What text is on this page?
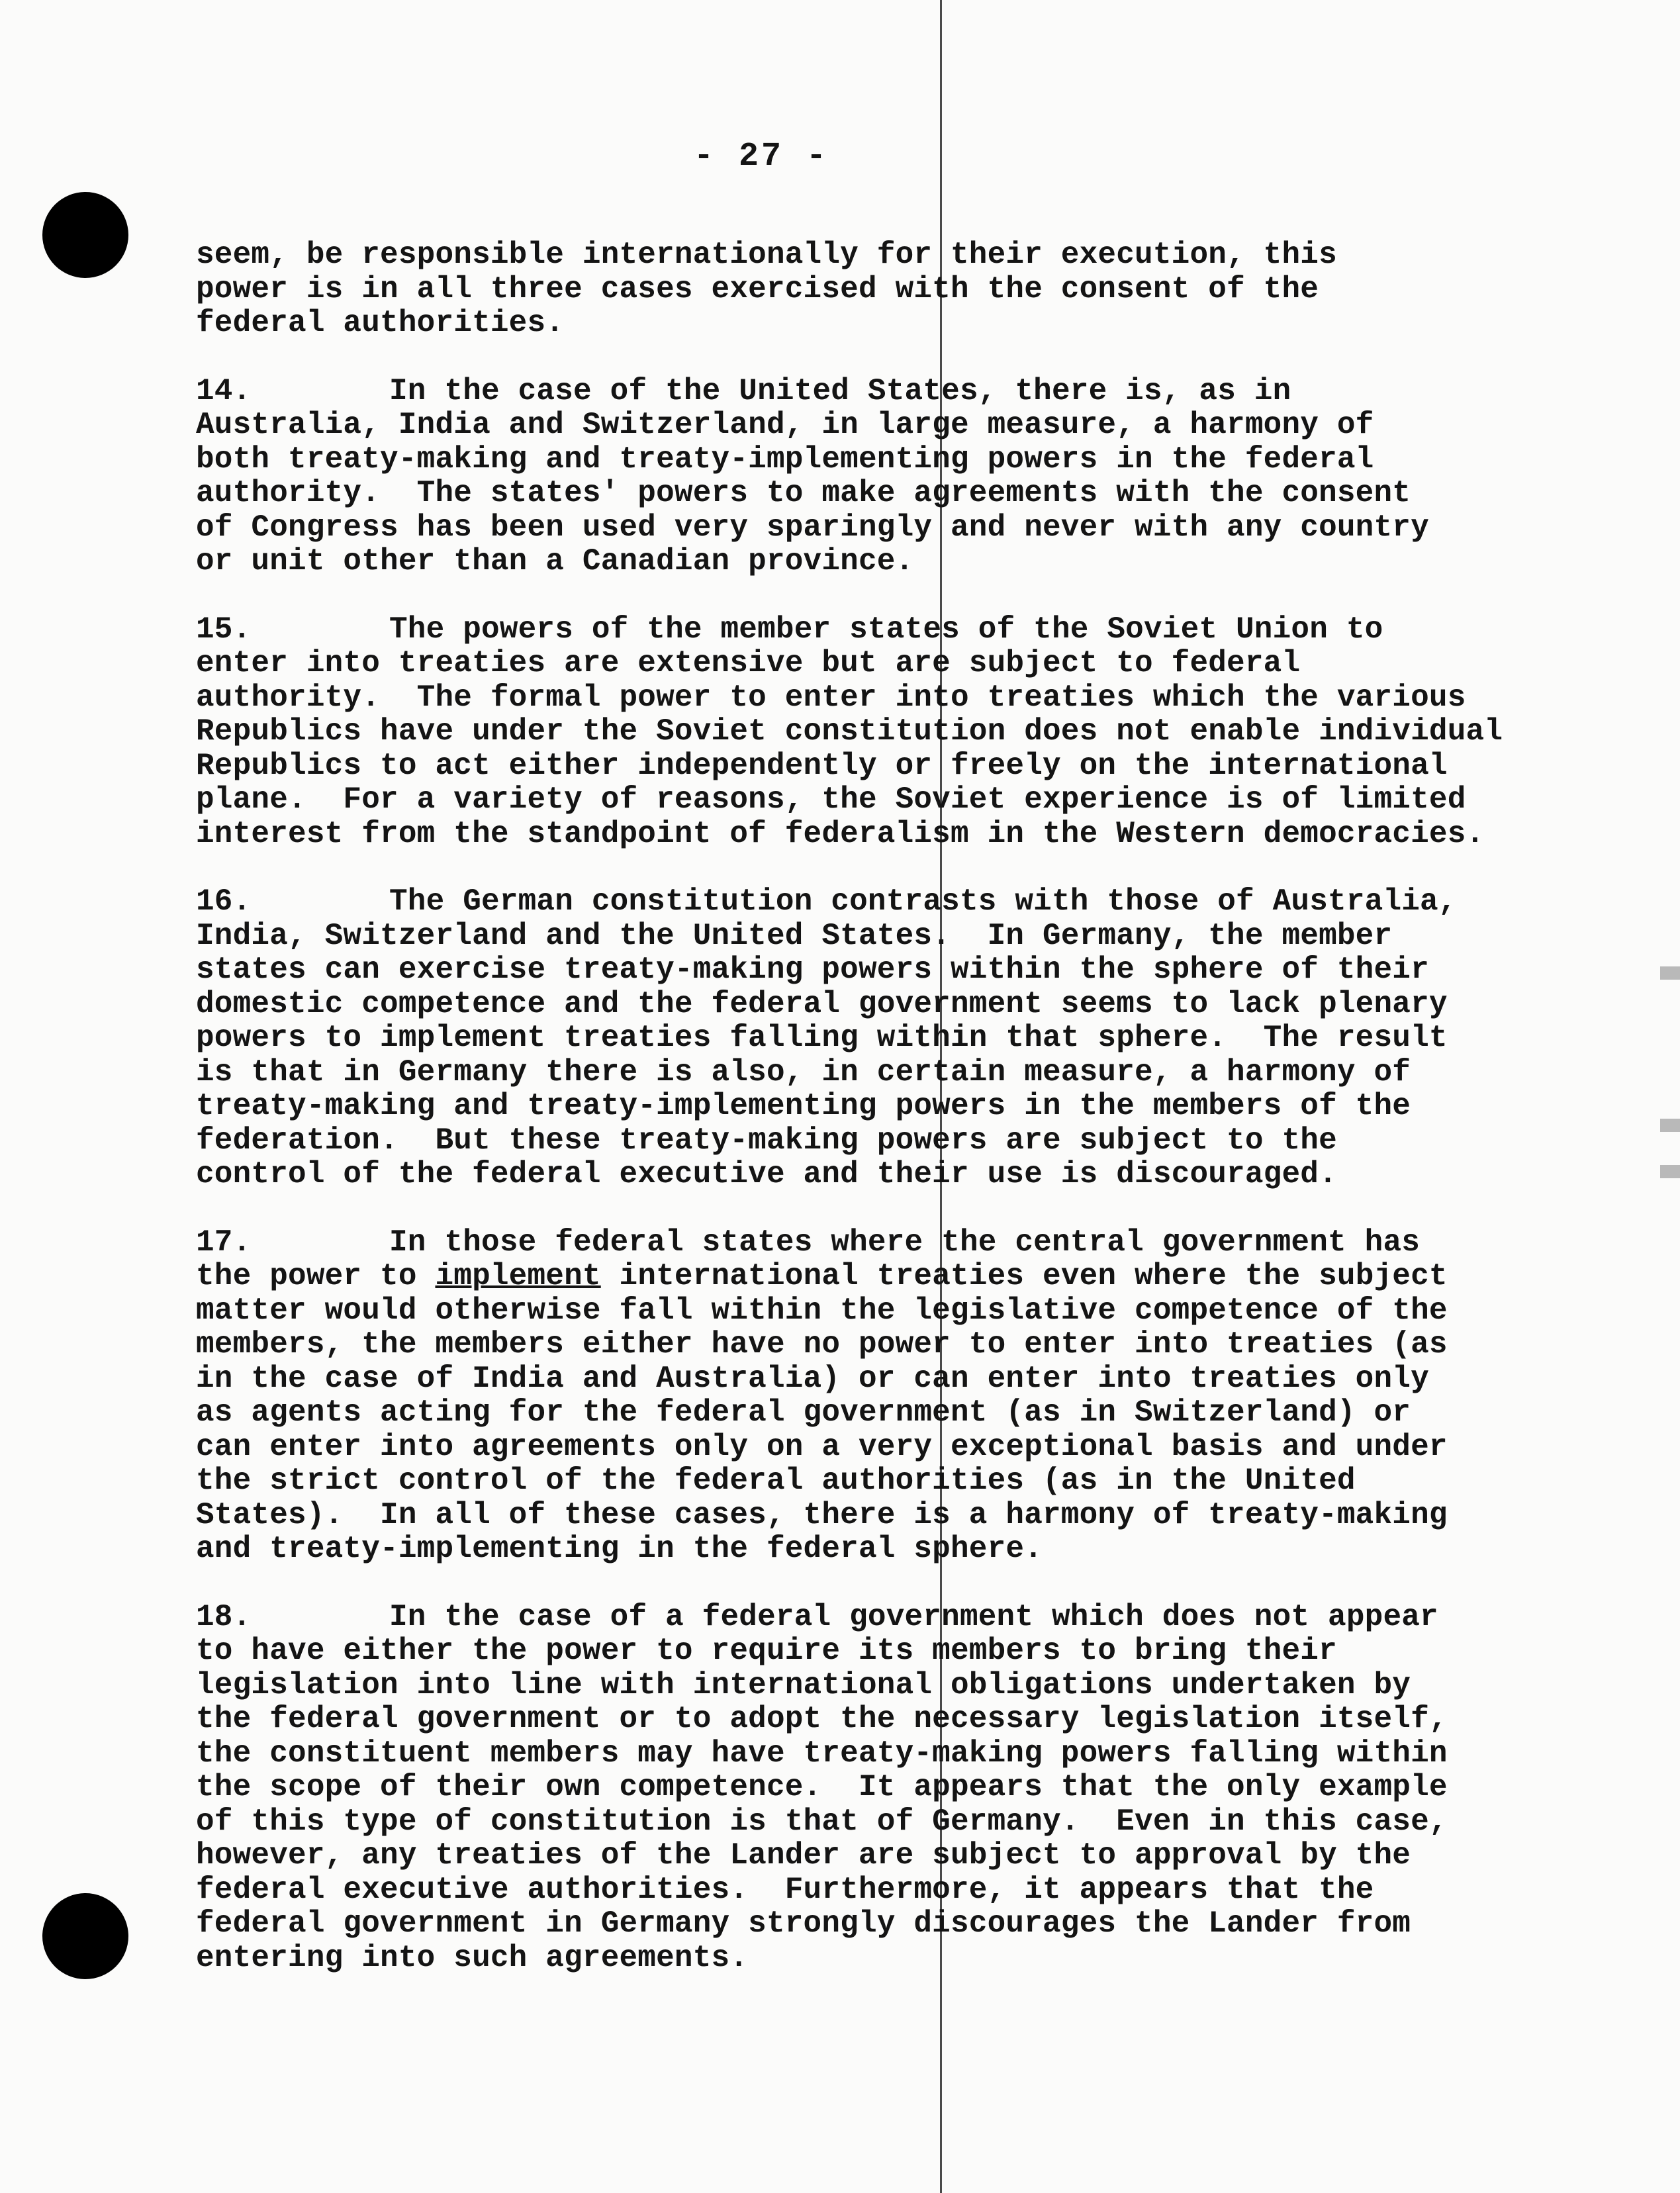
- 27 -
seem, be responsible internationally for their execution, this
power is in all three cases exercised with the consent of the
federal authorities.
14.	In the case of the United States, there is, as in
Australia, India and Switzerland, in large measure, a harmony of
both treaty-making and treaty-implementing powers in the federal
authority.  The states' powers to make agreements with the consent
of Congress has been used very sparingly and never with any country
or unit other than a Canadian province.
15.	The powers of the member states of the Soviet Union to
enter into treaties are extensive but are subject to federal
authority.  The formal power to enter into treaties which the various
Republics have under the Soviet constitution does not enable individual
Republics to act either independently or freely on the international
plane.  For a variety of reasons, the Soviet experience is of limited
interest from the standpoint of federalism in the Western democracies.
16.	The German constitution contrasts with those of Australia,
India, Switzerland and the United States.  In Germany, the member
states can exercise treaty-making powers within the sphere of their
domestic competence and the federal government seems to lack plenary
powers to implement treaties falling within that sphere.  The result
is that in Germany there is also, in certain measure, a harmony of
treaty-making and treaty-implementing powers in the members of the
federation.  But these treaty-making powers are subject to the
control of the federal executive and their use is discouraged.
17.	In those federal states where the central government has
the power to implement international treaties even where the subject
matter would otherwise fall within the legislative competence of the
members, the members either have no power to enter into treaties (as
in the case of India and Australia) or can enter into treaties only
as agents acting for the federal government (as in Switzerland) or
can enter into agreements only on a very exceptional basis and under
the strict control of the federal authorities (as in the United
States).  In all of these cases, there is a harmony of treaty-making
and treaty-implementing in the federal sphere.
18.	In the case of a federal government which does not appear
to have either the power to require its members to bring their
legislation into line with international obligations undertaken by
the federal government or to adopt the necessary legislation itself,
the constituent members may have treaty-making powers falling within
the scope of their own competence.  It appears that the only example
of this type of constitution is that of Germany.  Even in this case,
however, any treaties of the Lander are subject to approval by the
federal executive authorities.  Furthermore, it appears that the
federal government in Germany strongly discourages the Lander from
entering into such agreements.
